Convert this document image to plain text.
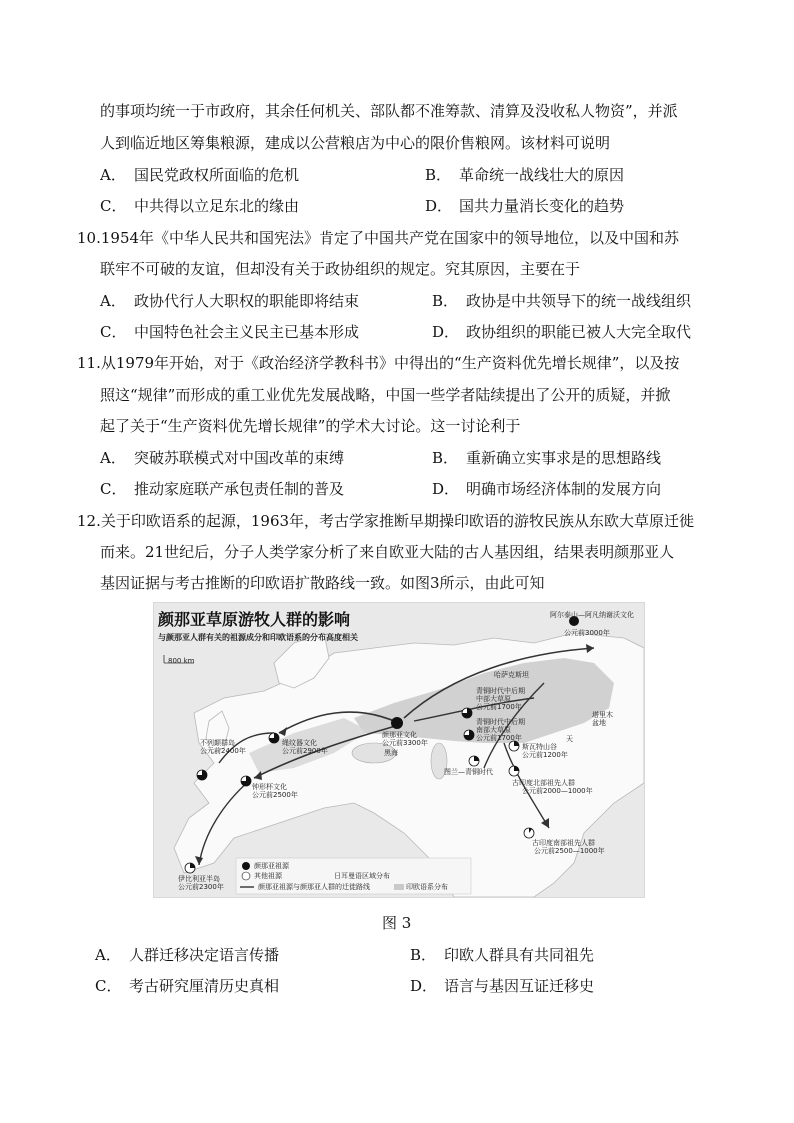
的事项均统一于市政府，其余任何机关、部队都不准筹款、清算及没收私人物资”，并派
人到临近地区筹集粮源，建成以公营粮店为中心的限价售粮网。该材料可说明
A． 国民党政权所面临的危机	B． 革命统一战线壮大的原因
C． 中共得以立足东北的缘由	D． 国共力量消长变化的趋势
10.1954年《中华人民共和国宪法》肯定了中国共产党在国家中的领导地位，以及中国和苏
联牢不可破的友谊，但却没有关于政协组织的规定。究其原因，主要在于
A． 政协代行人大职权的职能即将结束	B． 政协是中共领导下的统一战线组织
C． 中国特色社会主义民主已基本形成	D． 政协组织的职能已被人大完全取代
11.从1979年开始，对于《政治经济学教科书》中得出的“生产资料优先增长规律”，以及按
照这“规律”而形成的重工业优先发展战略，中国一些学者陆续提出了公开的质疑，并掀
起了关于“生产资料优先增长规律”的学术大讨论。这一讨论利于
A． 突破苏联模式对中国改革的束缚	B． 重新确立实事求是的思想路线
C． 推动家庭联产承包责任制的普及	D． 明确市场经济体制的发展方向
12.关于印欧语系的起源，1963年，考古学家推断早期操印欧语的游牧民族从东欧大草原迁徙
而来。21世纪后，分子人类学家分析了来自欧亚大陆的古人基因组，结果表明颜那亚人
基因证据与考古推断的印欧语扩散路线一致。如图3所示，由此可知
颜那亚草原游牧人群的影响
与颜那亚人群有关的祖源成分和印欧语系的分布高度相关
800 km
颜那亚文化
公元前3300年
绳纹器文化
公元前2900年
钟形杯文化
公元前2500年
不列颠群岛
公元前2400年
伊比利亚半岛
公元前2300年
阿尔泰山—阿凡纳谢沃文化
公元前3000年
哈萨克斯坦
青铜时代中后期
中部大草原
公元前1700年
青铜时代中后期
南部大草原
公元前1700年
斯瓦特山谷
公元前1200年
图兰—青铜时代
古印度北部祖先人群
公元前2000—1000年
古印度南部祖先人群
公元前2500—1000年
塔里木
盆地
黑海
天
颜那亚祖源
其他祖源
颜那亚祖源与颜那亚人群的迁徙路线	印欧语系分布
日耳曼语区域分布
图 3
A． 人群迁移决定语言传播	B． 印欧人群具有共同祖先
C． 考古研究厘清历史真相	D． 语言与基因互证迁移史
